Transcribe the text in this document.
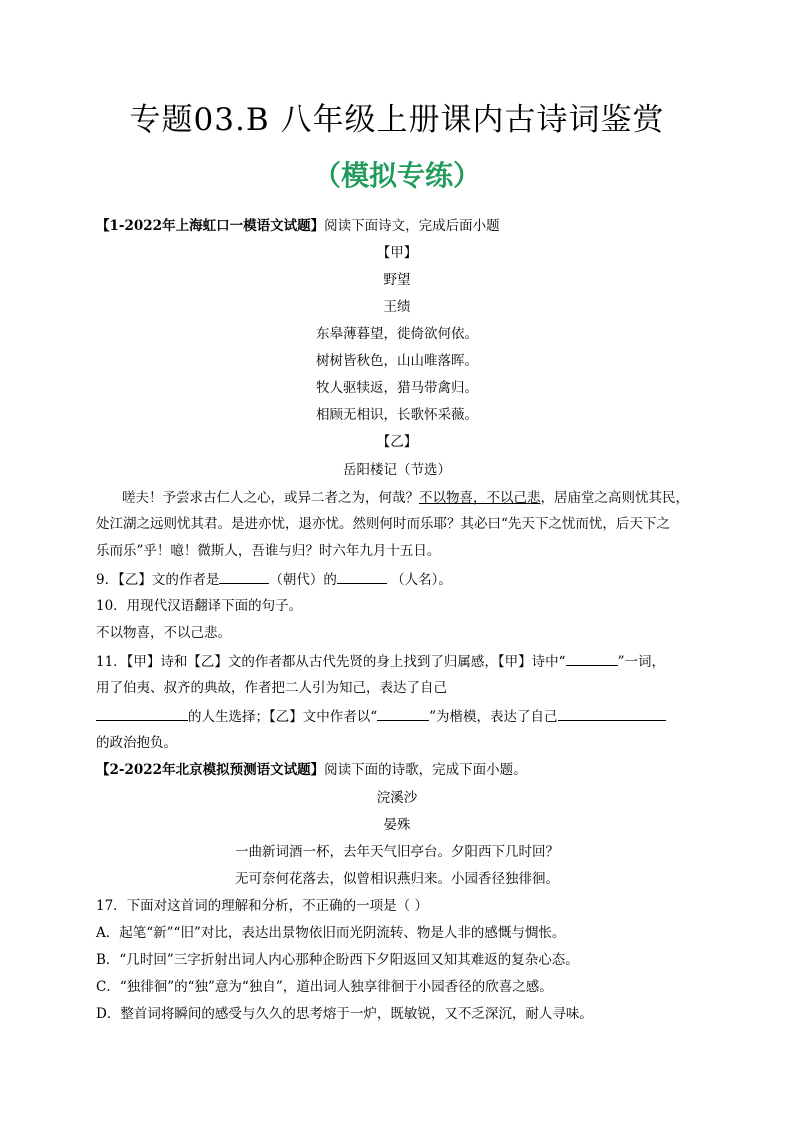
专题03.B 八年级上册课内古诗词鉴赏
（模拟专练）
【1-2022年上海虹口一模语文试题】阅读下面诗文，完成后面小题
【甲】
野望
王绩
东皋薄暮望，徙倚欲何依。
树树皆秋色，山山唯落晖。
牧人驱犊返，猎马带禽归。
相顾无相识，长歌怀采薇。
【乙】
岳阳楼记（节选）
嗟夫！予尝求古仁人之心，或异二者之为，何哉？不以物喜，不以己悲，居庙堂之高则忧其民，
处江湖之远则忧其君。是进亦忧，退亦忧。然则何时而乐耶？其必曰“先天下之忧而忧，后天下之
乐而乐”乎！噫！微斯人，吾谁与归？时六年九月十五日。
9．【乙】文的作者是	（朝代）的	（人名）。
10．用现代汉语翻译下面的句子。
不以物喜，不以己悲。
11．【甲】诗和【乙】文的作者都从古代先贤的身上找到了归属感，【甲】诗中“	”一词，
用了伯夷、叔齐的典故，作者把二人引为知己，表达了自己
的人生选择；【乙】文中作者以“	”为楷模，表达了自己
的政治抱负。
【2-2022年北京模拟预测语文试题】阅读下面的诗歌，完成下面小题。
浣溪沙
晏殊
一曲新词酒一杯，去年天气旧亭台。夕阳西下几时回？
无可奈何花落去，似曾相识燕归来。小园香径独徘徊。
17．下面对这首词的理解和分析，不正确的一项是（ ）
A．起笔“新”“旧”对比，表达出景物依旧而光阴流转、物是人非的感慨与惆怅。
B．“几时回”三字折射出词人内心那种企盼西下夕阳返回又知其难返的复杂心态。
C．“独徘徊”的“独”意为“独自”，道出词人独享徘徊于小园香径的欣喜之感。
D．整首词将瞬间的感受与久久的思考熔于一炉，既敏锐，又不乏深沉，耐人寻味。
